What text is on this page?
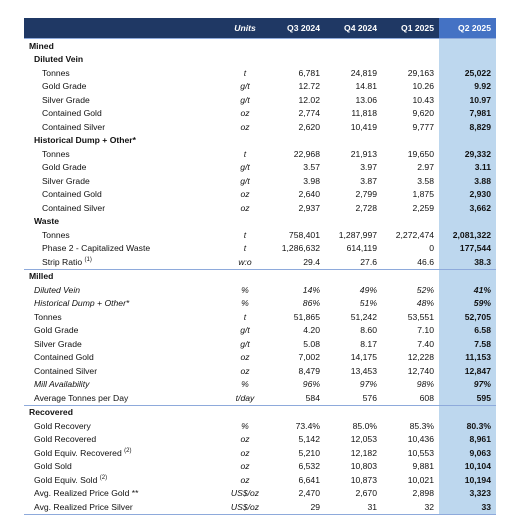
	Units	Q3 2024	Q4 2024	Q1 2025	Q2 2025
Mined					
Diluted Vein					
Tonnes	t	6,781	24,819	29,163	25,022
Gold Grade	g/t	12.72	14.81	10.26	9.92
Silver Grade	g/t	12.02	13.06	10.43	10.97
Contained Gold	oz	2,774	11,818	9,620	7,981
Contained Silver	oz	2,620	10,419	9,777	8,829
Historical Dump + Other*					
Tonnes	t	22,968	21,913	19,650	29,332
Gold Grade	g/t	3.57	3.97	2.97	3.11
Silver Grade	g/t	3.98	3.87	3.58	3.88
Contained Gold	oz	2,640	2,799	1,875	2,930
Contained Silver	oz	2,937	2,728	2,259	3,662
Waste					
Tonnes	t	758,401	1,287,997	2,272,474	2,081,322
Phase 2 - Capitalized Waste	t	1,286,632	614,119	0	177,544
Strip Ratio $^{(1)}$	w:o	29.4	27.6	46.6	38.3
Milled					
Diluted Vein	%	14%	49%	52%	41%
Historical Dump + Other*	%	86%	51%	48%	59%
Tonnes	t	51,865	51,242	53,551	52,705
Gold Grade	g/t	4.20	8.60	7.10	6.58
Silver Grade	g/t	5.08	8.17	7.40	7.58
Contained Gold	oz	7,002	14,175	12,228	11,153
Contained Silver	oz	8,479	13,453	12,740	12,847
Mill Availability	%	96%	97%	98%	97%
Average Tonnes per Day	t/day	584	576	608	595
Recovered					
Gold Recovery	%	73.4%	85.0%	85.3%	80.3%
Gold Recovered	oz	5,142	12,053	10,436	8,961
Gold Equiv. Recovered $^{(2)}$	oz	5,210	12,182	10,553	9,063
Gold Sold	oz	6,532	10,803	9,881	10,104
Gold Equiv. Sold $^{(2)}$	oz	6,641	10,873	10,021	10,194
Avg. Realized Price Gold **	US$/oz	2,470	2,670	2,898	3,323
Avg. Realized Price Silver	US$/oz	29	31	32	33
